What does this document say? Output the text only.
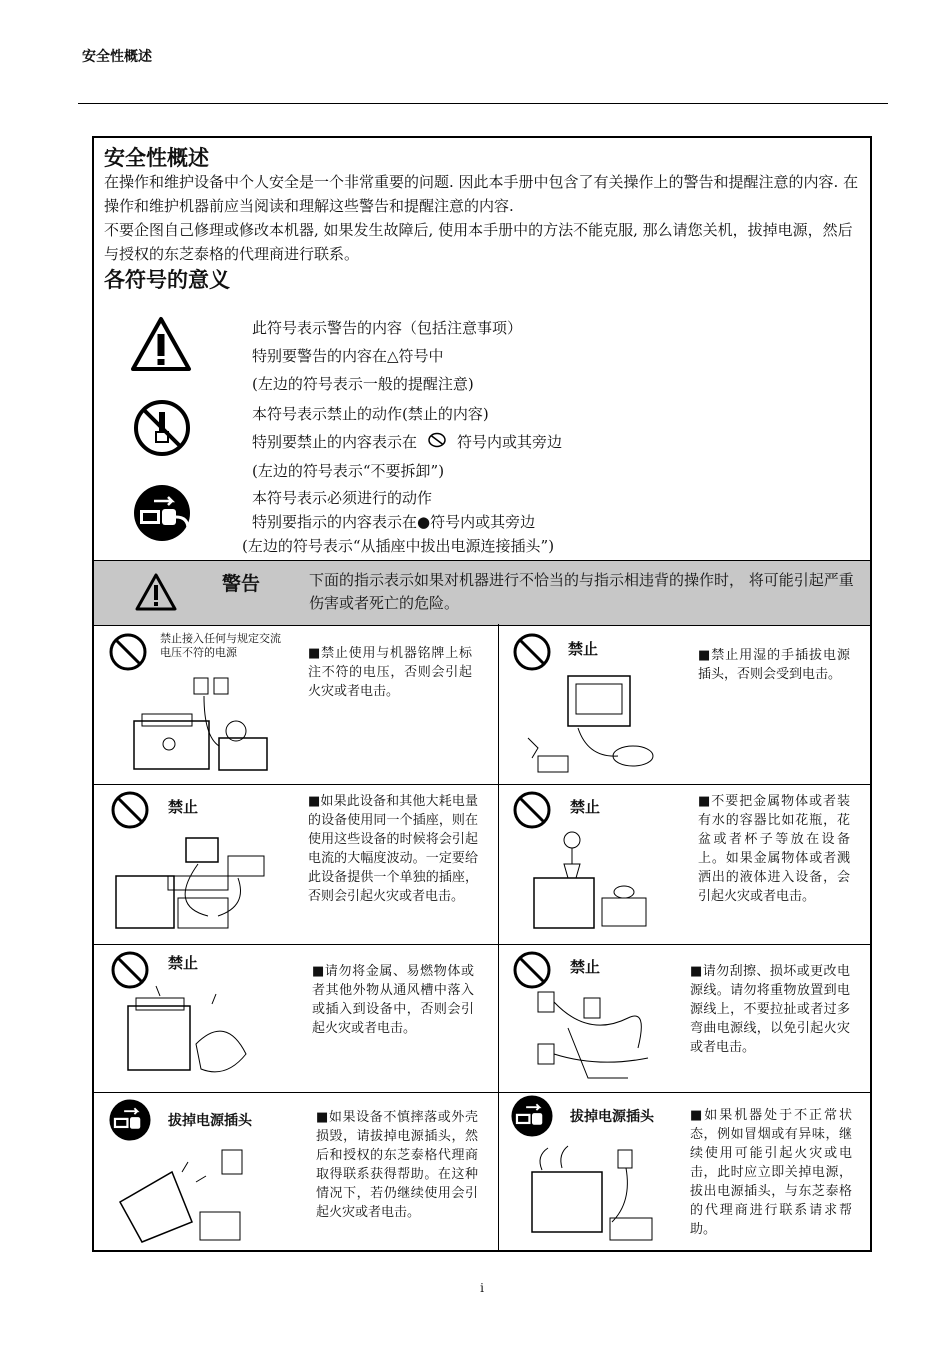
安全性概述
安全性概述
在操作和维护设备中个人安全是一个非常重要的问题. 因此本手册中包含了有关操作上的警告和提醒注意的内容. 在操作和维护机器前应当阅读和理解这些警告和提醒注意的内容.
不要企图自己修理或修改本机器, 如果发生故障后, 使用本手册中的方法不能克服, 那么请您关机，拔掉电源，然后与授权的东芝泰格的代理商进行联系。
各符号的意义
此符号表示警告的内容（包括注意事项）
特别要警告的内容在△符号中
(左边的符号表示一般的提醒注意)
本符号表示禁止的动作(禁止的内容)
特别要禁止的内容表示在	符号内或其旁边
(左边的符号表示“不要拆卸”)
本符号表示必须进行的动作
特别要指示的内容表示在●符号内或其旁边
(左边的符号表示“从插座中拔出电源连接插头”)
警告	下面的指示表示如果对机器进行不恰当的与指示相违背的操作时， 将可能引起严重伤害或者死亡的危险。
禁止接入任何与规定交流电压不符的电源	■禁止使用与机器铭牌上标注不符的电压，否则会引起火灾或者电击。
禁止	■禁止用湿的手插拔电源插头，否则会受到电击。
禁止	■如果此设备和其他大耗电量的设备使用同一个插座，则在使用这些设备的时候将会引起电流的大幅度波动。一定要给此设备提供一个单独的插座，否则会引起火灾或者电击。
禁止	■不要把金属物体或者装有水的容器比如花瓶，花盆或者杯子等放在设备上。如果金属物体或者溅洒出的液体进入设备，会引起火灾或者电击。
禁止	■请勿将金属、易燃物体或者其他外物从通风槽中落入或插入到设备中，否则会引起火灾或者电击。
禁止	■请勿刮擦、损坏或更改电源线。请勿将重物放置到电源线上，不要拉扯或者过多弯曲电源线，以免引起火灾或者电击。
拔掉电源插头	■如果设备不慎摔落或外壳损毁，请拔掉电源插头，然后和授权的东芝泰格代理商取得联系获得帮助。在这种情况下，若仍继续使用会引起火灾或者电击。
拔掉电源插头	■如果机器处于不正常状态，例如冒烟或有异味，继续使用可能引起火灾或电击，此时应立即关掉电源，拔出电源插头，与东芝泰格的代理商进行联系请求帮助。
i
